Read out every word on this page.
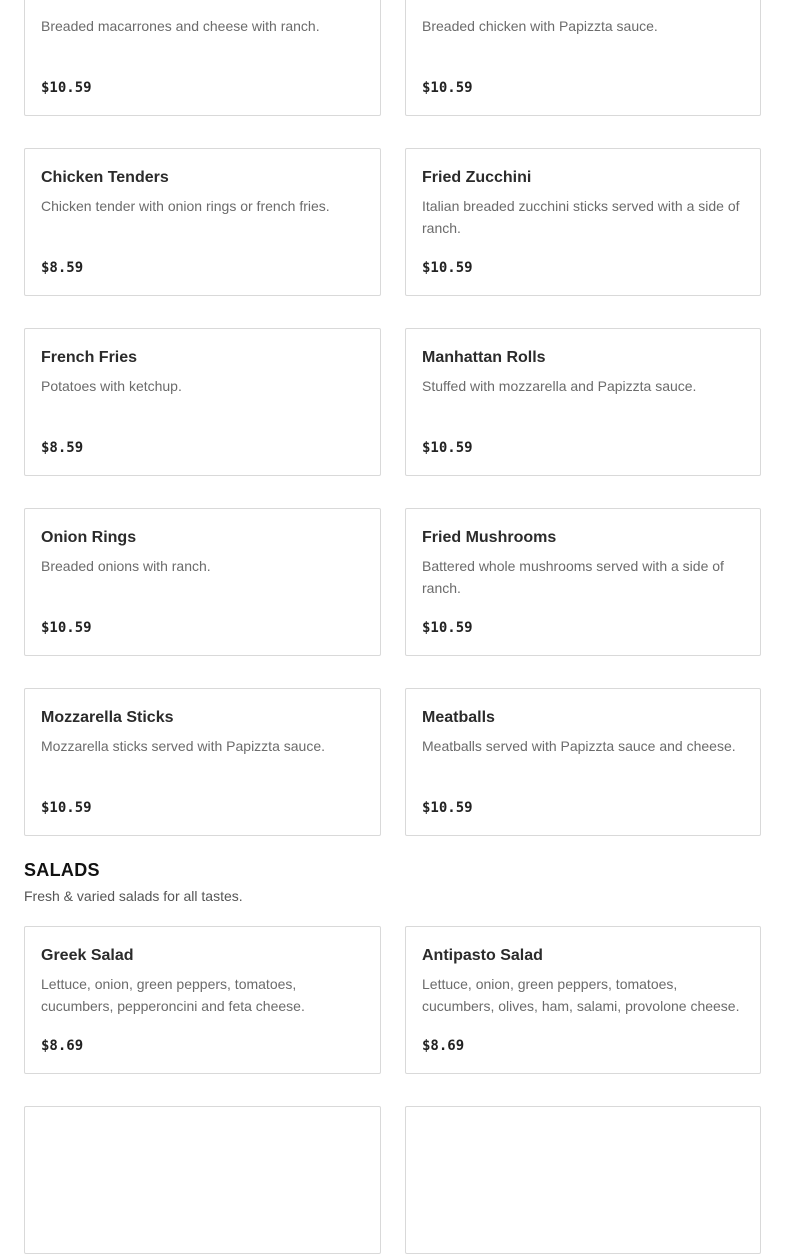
Breaded macarrones and cheese with ranch.
$10.59
Breaded chicken with Papizzta sauce.
$10.59
Chicken Tenders
Chicken tender with onion rings or french fries.
$8.59
Fried Zucchini
Italian breaded zucchini sticks served with a side of ranch.
$10.59
French Fries
Potatoes with ketchup.
$8.59
Manhattan Rolls
Stuffed with mozzarella and Papizzta sauce.
$10.59
Onion Rings
Breaded onions with ranch.
$10.59
Fried Mushrooms
Battered whole mushrooms served with a side of ranch.
$10.59
Mozzarella Sticks
Mozzarella sticks served with Papizzta sauce.
$10.59
Meatballs
Meatballs served with Papizzta sauce and cheese.
$10.59
SALADS
Fresh & varied salads for all tastes.
Greek Salad
Lettuce, onion, green peppers, tomatoes, cucumbers, pepperoncini and feta cheese.
$8.69
Antipasto Salad
Lettuce, onion, green peppers, tomatoes, cucumbers, olives, ham, salami, provolone cheese.
$8.69
